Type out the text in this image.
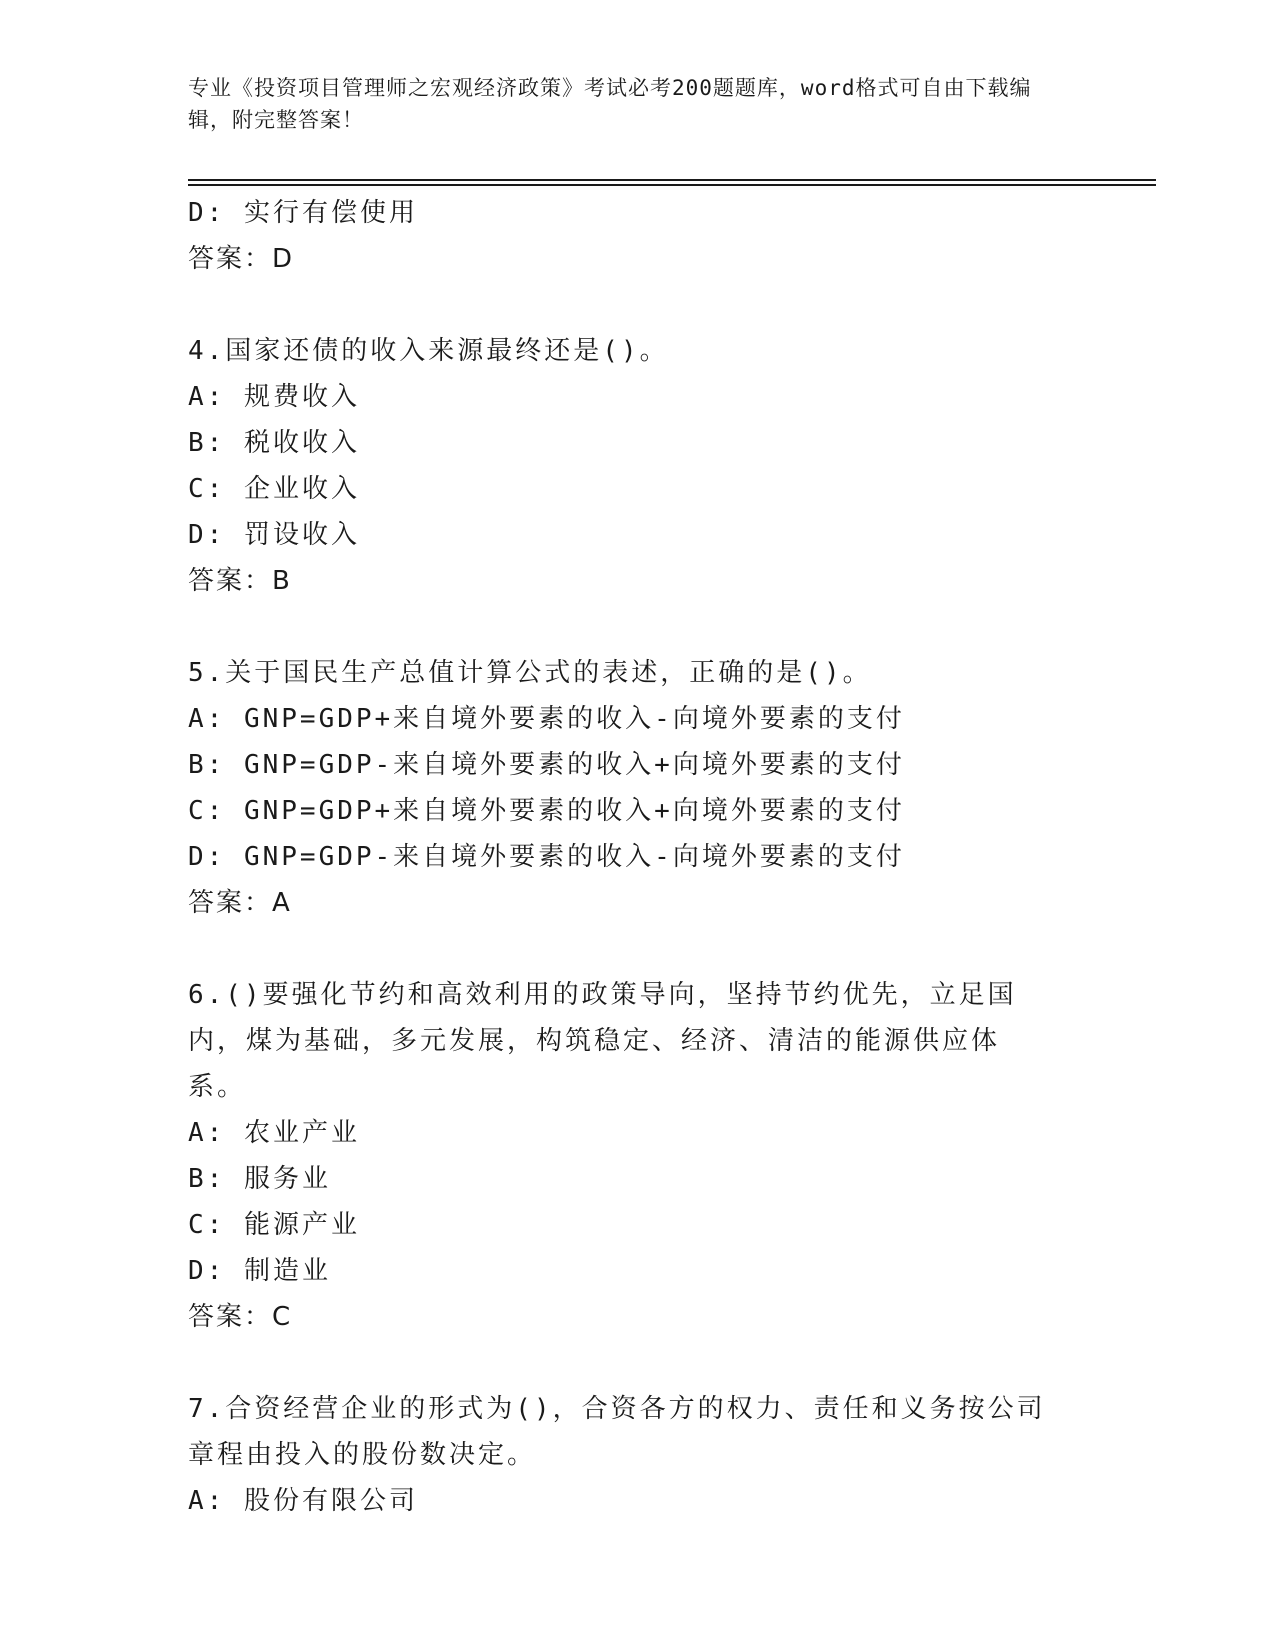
专业《投资项目管理师之宏观经济政策》考试必考200题题库，word格式可自由下载编辑，附完整答案！
D: 实行有偿使用
答案：D
4.国家还债的收入来源最终还是()。
A: 规费收入
B: 税收收入
C: 企业收入
D: 罚设收入
答案：B
5.关于国民生产总值计算公式的表述，正确的是()。
A: GNP=GDP+来自境外要素的收入-向境外要素的支付
B: GNP=GDP-来自境外要素的收入+向境外要素的支付
C: GNP=GDP+来自境外要素的收入+向境外要素的支付
D: GNP=GDP-来自境外要素的收入-向境外要素的支付
答案：A
6.()要强化节约和高效利用的政策导向，坚持节约优先，立足国内，煤为基础，多元发展，构筑稳定、经济、清洁的能源供应体系。
A: 农业产业
B: 服务业
C: 能源产业
D: 制造业
答案：C
7.合资经营企业的形式为()，合资各方的权力、责任和义务按公司章程由投入的股份数决定。
A: 股份有限公司
